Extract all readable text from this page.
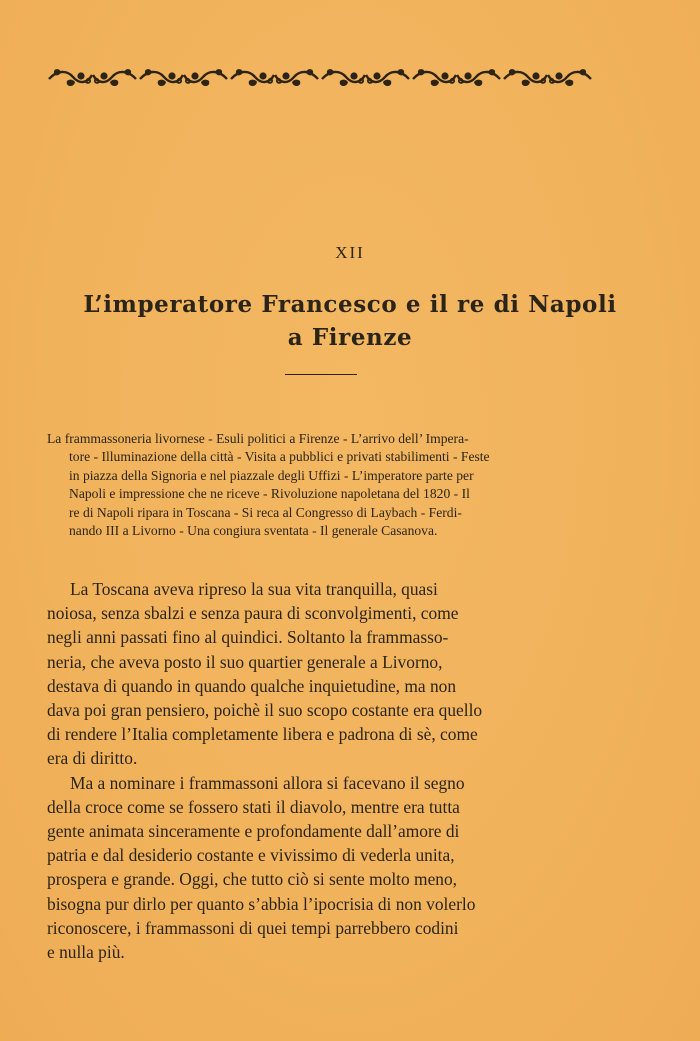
XII
L’imperatore Francesco e il re di Napoli
a Firenze
La frammassoneria livornese - Esuli politici a Firenze - L’arrivo dell’ Impera-
tore - Illuminazione della città - Visita a pubblici e privati stabilimenti - Feste
in piazza della Signoria e nel piazzale degli Uffizi - L’imperatore parte per
Napoli e impressione che ne riceve - Rivoluzione napoletana del 1820 - Il
re di Napoli ripara in Toscana - Si reca al Congresso di Laybach - Ferdi-
nando III a Livorno - Una congiura sventata - Il generale Casanova.
La Toscana aveva ripreso la sua vita tranquilla, quasi
noiosa, senza sbalzi e senza paura di sconvolgimenti, come
negli anni passati fino al quindici. Soltanto la frammasso-
neria, che aveva posto il suo quartier generale a Livorno,
destava di quando in quando qualche inquietudine, ma non
dava poi gran pensiero, poichè il suo scopo costante era quello
di rendere l’Italia completamente libera e padrona di sè, come
era di diritto.
Ma a nominare i frammassoni allora si facevano il segno
della croce come se fossero stati il diavolo, mentre era tutta
gente animata sinceramente e profondamente dall’amore di
patria e dal desiderio costante e vivissimo di vederla unita,
prospera e grande. Oggi, che tutto ciò si sente molto meno,
bisogna pur dirlo per quanto s’abbia l’ipocrisia di non volerlo
riconoscere, i frammassoni di quei tempi parrebbero codini
e nulla più.
